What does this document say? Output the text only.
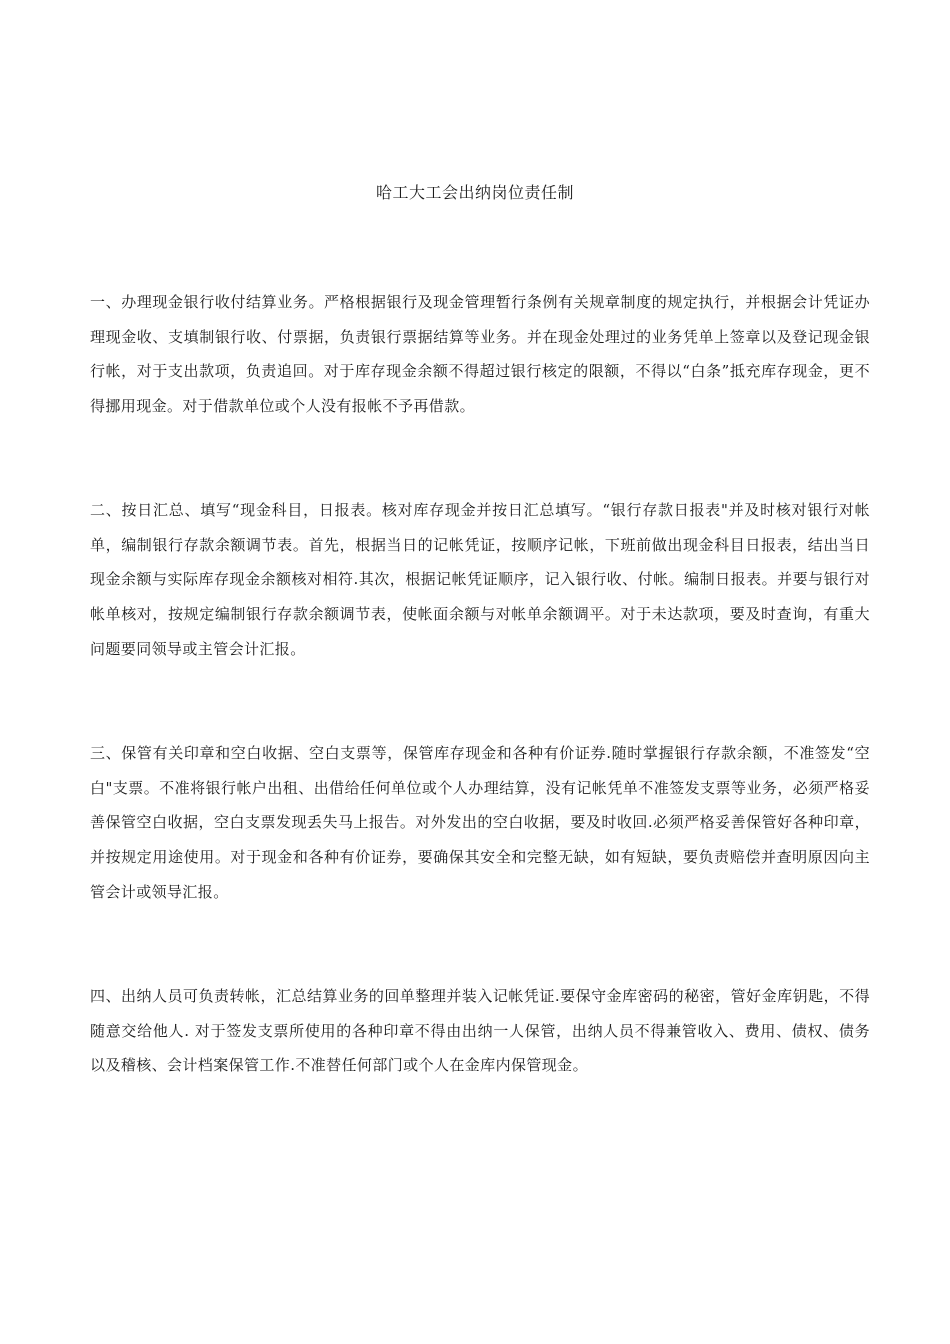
哈工大工会出纳岗位责任制

一、办理现金银行收付结算业务。严格根据银行及现金管理暂行条例有关规章制度的规定执行，并根据会计凭证办理现金收、支填制银行收、付票据，负责银行票据结算等业务。并在现金处理过的业务凭单上签章以及登记现金银行帐，对于支出款项，负责追回。对于库存现金余额不得超过银行核定的限额，不得以“白条”抵充库存现金，更不得挪用现金。对于借款单位或个人没有报帐不予再借款。

二、按日汇总、填写“现金科目，日报表。核对库存现金并按日汇总填写。“银行存款日报表"并及时核对银行对帐单，编制银行存款余额调节表。首先，根据当日的记帐凭证，按顺序记帐，下班前做出现金科目日报表，结出当日现金余额与实际库存现金余额核对相符.其次，根据记帐凭证顺序，记入银行收、付帐。编制日报表。并要与银行对帐单核对，按规定编制银行存款余额调节表，使帐面余额与对帐单余额调平。对于未达款项，要及时查询，有重大问题要同领导或主管会计汇报。

三、保管有关印章和空白收据、空白支票等，保管库存现金和各种有价证券.随时掌握银行存款余额，不准签发“空白"支票。不准将银行帐户出租、出借给任何单位或个人办理结算，没有记帐凭单不准签发支票等业务，必须严格妥善保管空白收据，空白支票发现丢失马上报告。对外发出的空白收据，要及时收回.必须严格妥善保管好各种印章，并按规定用途使用。对于现金和各种有价证券，要确保其安全和完整无缺，如有短缺，要负责赔偿并查明原因向主管会计或领导汇报。

四、出纳人员可负责转帐，汇总结算业务的回单整理并装入记帐凭证.要保守金库密码的秘密，管好金库钥匙，不得随意交给他人. 对于签发支票所使用的各种印章不得由出纳一人保管，出纳人员不得兼管收入、费用、债权、债务以及稽核、会计档案保管工作.不准替任何部门或个人在金库内保管现金。
